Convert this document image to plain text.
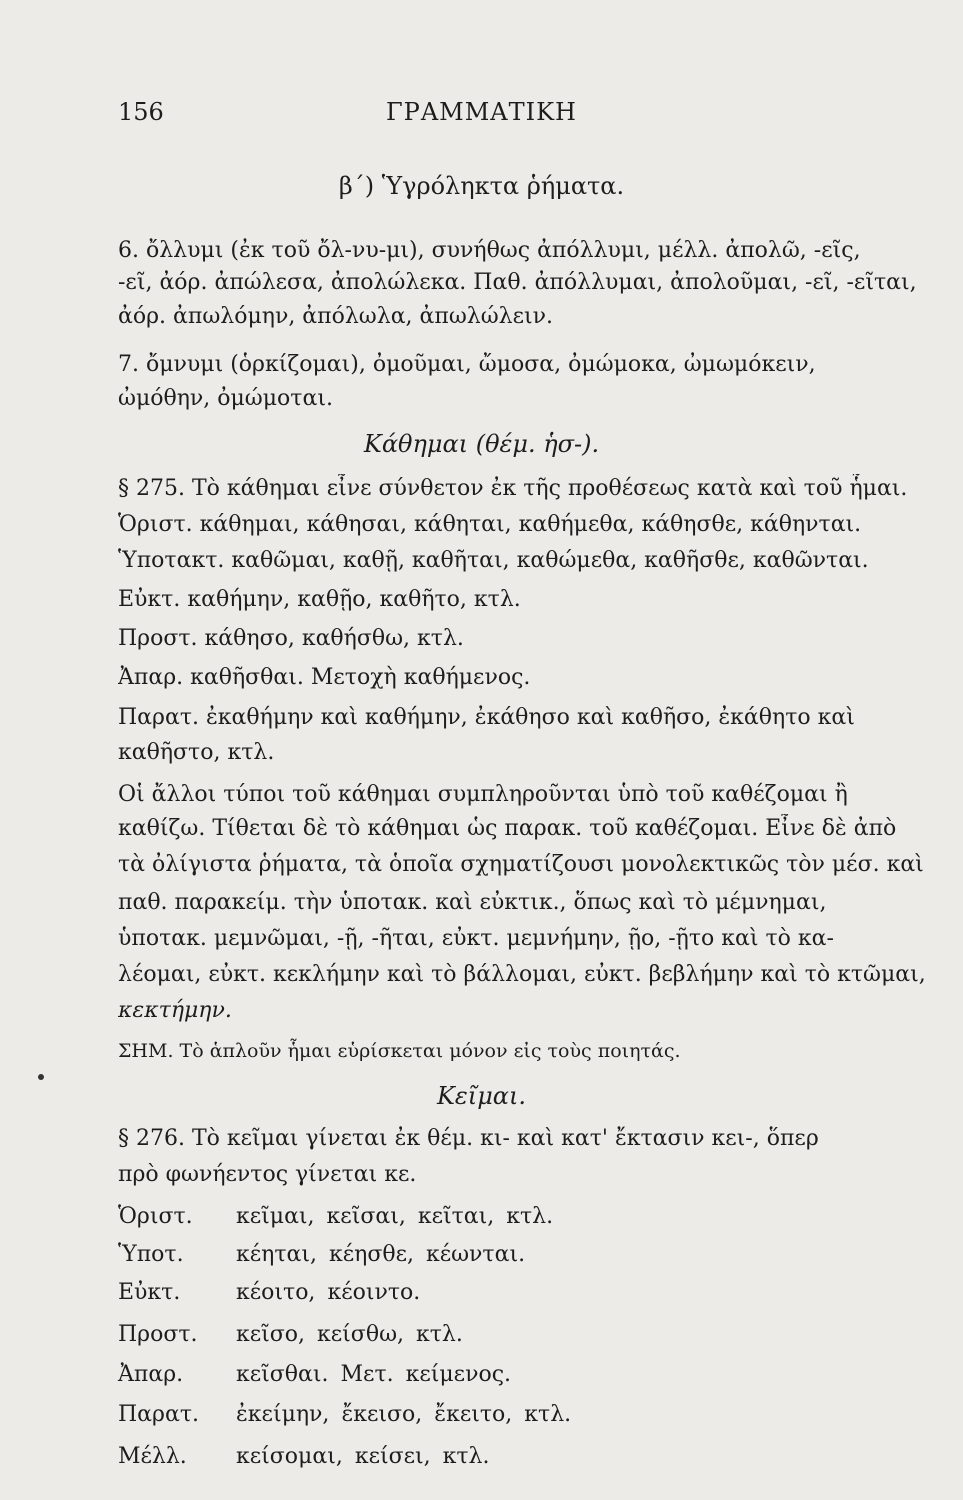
156	ΓΡΑΜΜΑΤΙΚΗ
β΄) Ὑγρόληκτα ῥήματα.
6. ὄλλυμι (ἐκ τοῦ ὄλ-νυ-μι), συνήθως ἀπόλλυμι, μέλλ. ἀπολῶ, -εῖς,
-εῖ, ἀόρ. ἀπώλεσα, ἀπολώλεκα. Παθ. ἀπόλλυμαι, ἀπολοῦμαι, -εῖ, -εῖται,
ἀόρ. ἀπωλόμην, ἀπόλωλα, ἀπωλώλειν.
7. ὄμνυμι (ὁρκίζομαι), ὀμοῦμαι, ὤμοσα, ὀμώμοκα, ὠμωμόκειν,
ὠμόθην, ὀμώμοται.
Κάθημαι (θέμ. ἡσ-).
§ 275. Τὸ κάθημαι εἶνε σύνθετον ἐκ τῆς προθέσεως κατὰ καὶ τοῦ ἧμαι.
Ὁριστ. κάθημαι, κάθησαι, κάθηται, καθήμεθα, κάθησθε, κάθηνται.
Ὑποτακτ. καθῶμαι, καθῇ, καθῆται, καθώμεθα, καθῆσθε, καθῶνται.
Εὐκτ. καθήμην, καθῇο, καθῆτο, κτλ.
Προστ. κάθησο, καθήσθω, κτλ.
Ἀπαρ. καθῆσθαι. Μετοχὴ καθήμενος.
Παρατ. ἐκαθήμην καὶ καθήμην, ἐκάθησο καὶ καθῆσο, ἐκάθητο καὶ
καθῆστο, κτλ.
Οἱ ἄλλοι τύποι τοῦ κάθημαι συμπληροῦνται ὑπὸ τοῦ καθέζομαι ἢ
καθίζω. Τίθεται δὲ τὸ κάθημαι ὡς παρακ. τοῦ καθέζομαι. Εἶνε δὲ ἀπὸ
τὰ ὀλίγιστα ῥήματα, τὰ ὁποῖα σχηματίζουσι μονολεκτικῶς τὸν μέσ. καὶ
παθ. παρακείμ. τὴν ὑποτακ. καὶ εὐκτικ., ὅπως καὶ τὸ μέμνημαι,
ὑποτακ. μεμνῶμαι, -ῇ, -ῆται, εὐκτ. μεμνήμην, ῇο, -ῇτο καὶ τὸ κα-
λέομαι, εὐκτ. κεκλήμην καὶ τὸ βάλλομαι, εὐκτ. βεβλήμην καὶ τὸ κτῶμαι,
κεκτήμην.
ΣΗΜ. Τὸ ἁπλοῦν ἧμαι εὑρίσκεται μόνον εἰς τοὺς ποιητάς.
Κεῖμαι.
§ 276. Τὸ κεῖμαι γίνεται ἐκ θέμ. κι- καὶ κατ' ἔκτασιν κει-, ὅπερ
πρὸ φωνήεντος γίνεται κε.
Ὁριστ. κεῖμαι, κεῖσαι, κεῖται, κτλ.
Ὑποτ. κέηται, κέησθε, κέωνται.
Εὐκτ.	κέοιτο, κέοιντο.
Προστ. κεῖσο, κείσθω, κτλ.
Ἀπαρ. κεῖσθαι. Μετ. κείμενος.
Παρατ. ἐκείμην, ἔκεισο, ἔκειτο, κτλ.
Μέλλ. κείσομαι, κείσει, κτλ.
